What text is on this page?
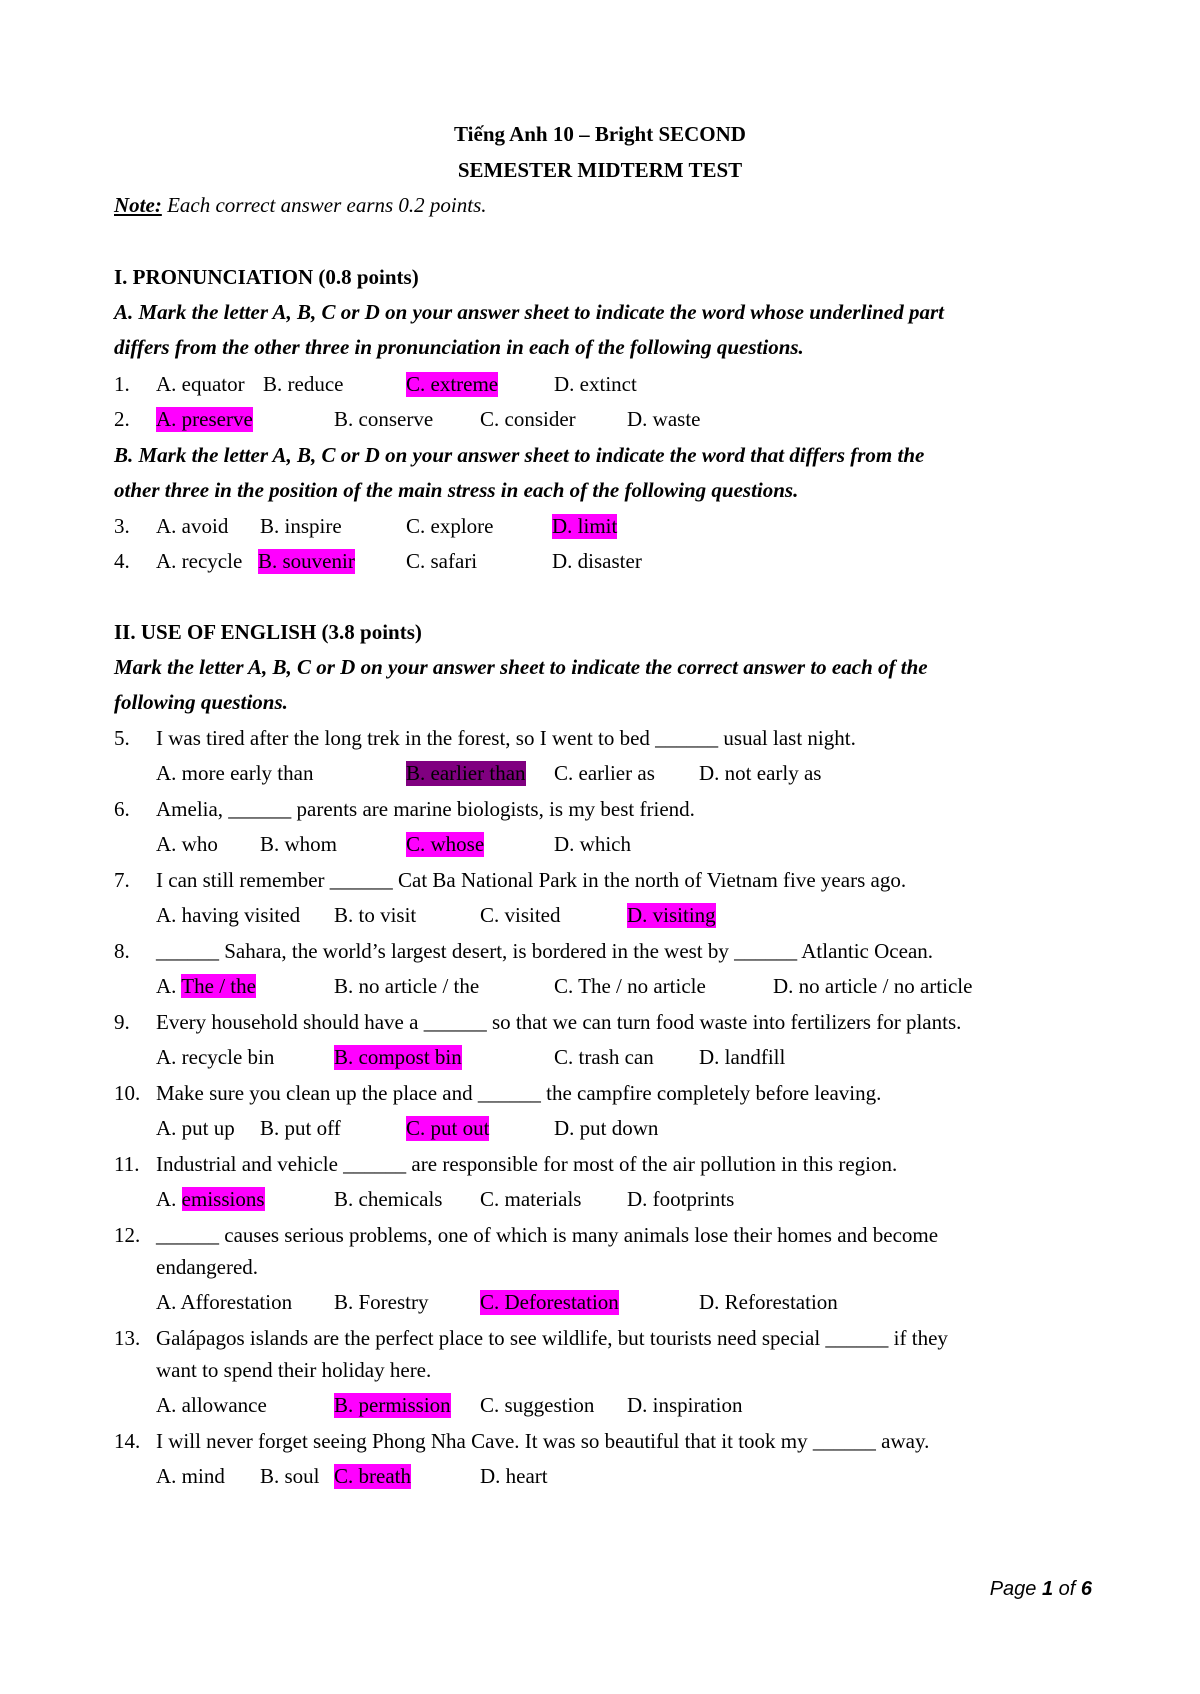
Tiếng Anh 10 – Bright SECOND
SEMESTER MIDTERM TEST
Note: Each correct answer earns 0.2 points.
I. PRONUNCIATION (0.8 points)
A. Mark the letter A, B, C or D on your answer sheet to indicate the word whose underlined part
differs from the other three in pronunciation in each of the following questions.
1. A. equator B. reduce	C. extreme	D. extinct
2. A. preserve	B. conserve C. consider D. waste
B. Mark the letter A, B, C or D on your answer sheet to indicate the word that differs from the
other three in the position of the main stress in each of the following questions.
3. A. avoid B. inspire	C. explore	D. limit
4. A. recycle B. souvenir C. safari	D. disaster
II. USE OF ENGLISH (3.8 points)
Mark the letter A, B, C or D on your answer sheet to indicate the correct answer to each of the
following questions.
5. I was tired after the long trek in the forest, so I went to bed ______ usual last night.
A. more early than	B. earlier than C. earlier as D. not early as
6. Amelia, ______ parents are marine biologists, is my best friend.
A. who B. whom	C. whose	D. which
7. I can still remember ______ Cat Ba National Park in the north of Vietnam five years ago.
A. having visited B. to visit	C. visited	D. visiting
8. ______ Sahara, the world’s largest desert, is bordered in the west by ______ Atlantic Ocean.
A. The / the	B. no article / the	C. The / no article	D. no article / no article
9. Every household should have a ______ so that we can turn food waste into fertilizers for plants.
A. recycle bin	B. compost bin	C. trash can D. landfill
10. Make sure you clean up the place and ______ the campfire completely before leaving.
A. put up B. put off	C. put out	D. put down
11. Industrial and vehicle ______ are responsible for most of the air pollution in this region.
A. emissions	B. chemicals C. materials D. footprints
12. ______ causes serious problems, one of which is many animals lose their homes and become
endangered.
A. Afforestation B. Forestry C. Deforestation	D. Reforestation
13. Galápagos islands are the perfect place to see wildlife, but tourists need special ______ if they
want to spend their holiday here.
A. allowance	B. permission C. suggestion D. inspiration
14. I will never forget seeing Phong Nha Cave. It was so beautiful that it took my ______ away.
A. mind B. soul C. breath	D. heart
Page 1 of 6
